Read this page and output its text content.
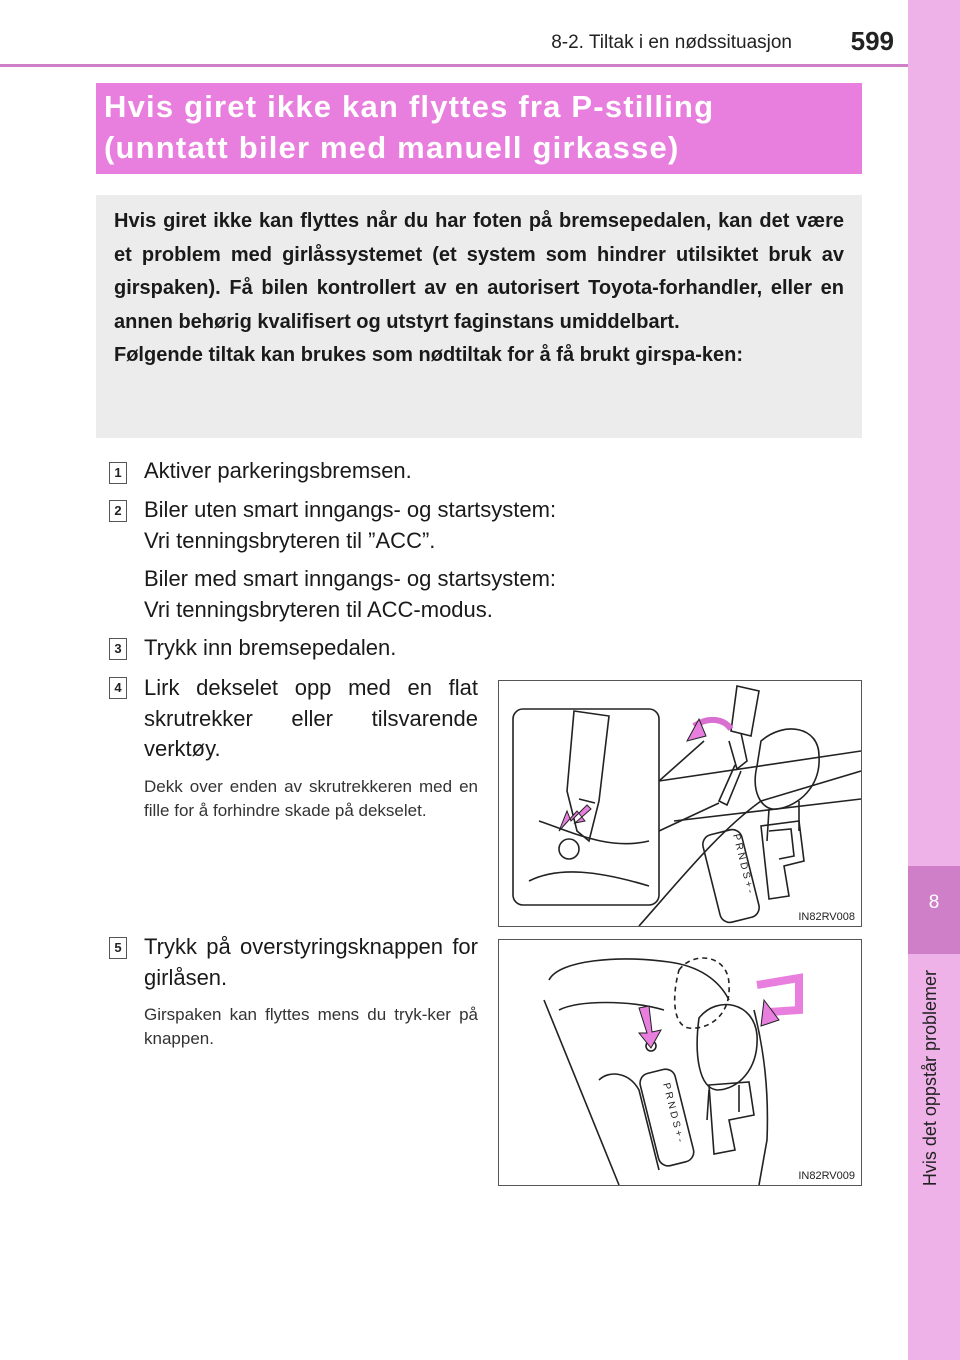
8-2. Tiltak i en nødssituasjon 599
8
Hvis det oppstår problemer
Hvis giret ikke kan flyttes fra P-stilling
(unntatt biler med manuell girkasse)

Hvis giret ikke kan flyttes når du har foten på bremsepedalen, kan det være et problem med girlåssystemet (et system som hindrer utilsiktet bruk av girspaken). Få bilen kontrollert av en autorisert Toyota-forhandler, eller en annen behørig kvalifisert og utstyrt faginstans umiddelbart.

Følgende tiltak kan brukes som nødtiltak for å få brukt girspa-ken:

1 Aktiver parkeringsbremsen.
2 Biler uten smart inngangs- og startsystem:
Vri tenningsbryteren til ”ACC”.
Biler med smart inngangs- og startsystem:
Vri tenningsbryteren til ACC-modus.
3 Trykk inn bremsepedalen.
4 Lirk dekselet opp med en flat skrutrekker eller tilsvarende verktøy.
Dekk over enden av skrutrekkeren med en fille for å forhindre skade på dekselet.
P R N D S + -
IN82RV008
5 Trykk på overstyringsknappen for girlåsen.
Girspaken kan flyttes mens du tryk-ker på knappen.
P R N D S + -
IN82RV009
